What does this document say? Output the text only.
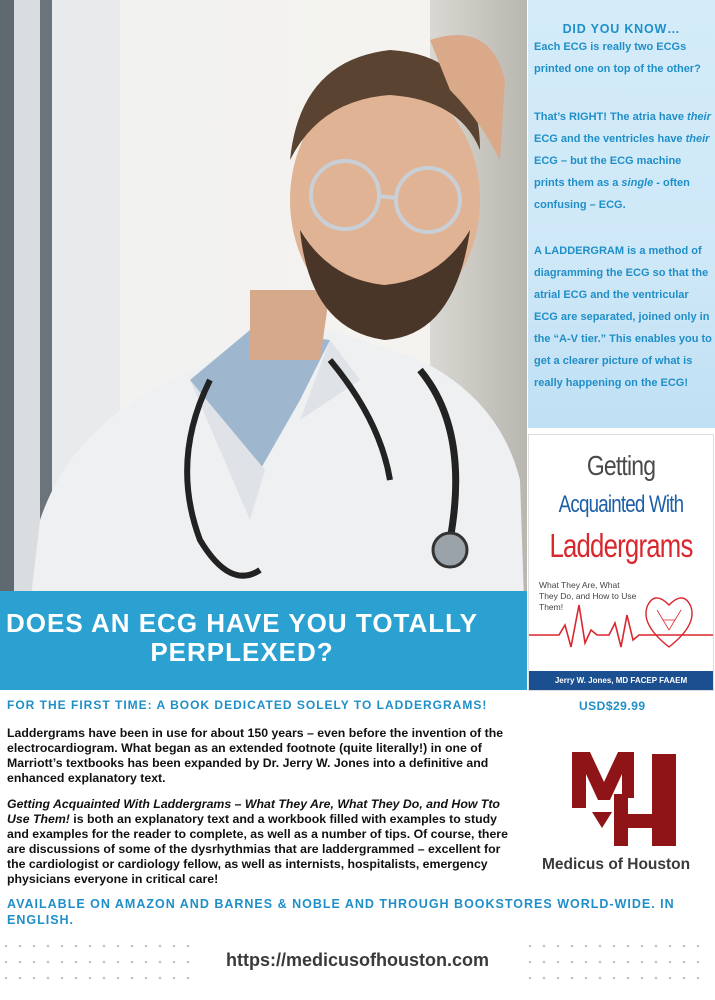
DID YOU KNOW…
Each ECG is really two ECGs printed one on top of the other?
That’s RIGHT! The atria have their ECG and the ventricles have their ECG – but the ECG machine prints them as a single - often confusing – ECG.
A LADDERGRAM is a method of diagramming the ECG so that the atrial ECG and the ventricular ECG are separated, joined only in the “A-V tier.” This enables you to get a clearer picture of what is really happening on the ECG!
Getting
Acquainted With
Laddergrams
What They Are, What They Do, and How to Use Them!
Jerry W. Jones, MD FACEP FAAEM
DOES AN ECG HAVE YOU TOTALLY PERPLEXED?
FOR THE FIRST TIME: A BOOK DEDICATED SOLELY TO LADDERGRAMS!	USD$29.99
Laddergrams have been in use for about 150 years – even before the invention of the electrocardiogram. What began as an extended footnote (quite literally!) in one of Marriott’s textbooks has been expanded by Dr. Jerry W. Jones into a definitive and enhanced explanatory text.
Getting Acquainted With Laddergrams – What They Are, What They Do, and How Tto Use Them! is both an explanatory text and a workbook filled with examples to study and examples for the reader to complete, as well as a number of tips. Of course, there are discussions of some of the dysrhythmias that are laddergrammed – excellent for the cardiologist or cardiology fellow, as well as internists, hospitalists, emergency physicians everyone in critical care!
Medicus of Houston
AVAILABLE ON AMAZON AND BARNES & NOBLE AND THROUGH BOOKSTORES WORLD-WIDE. IN ENGLISH.
https://medicusofhouston.com
